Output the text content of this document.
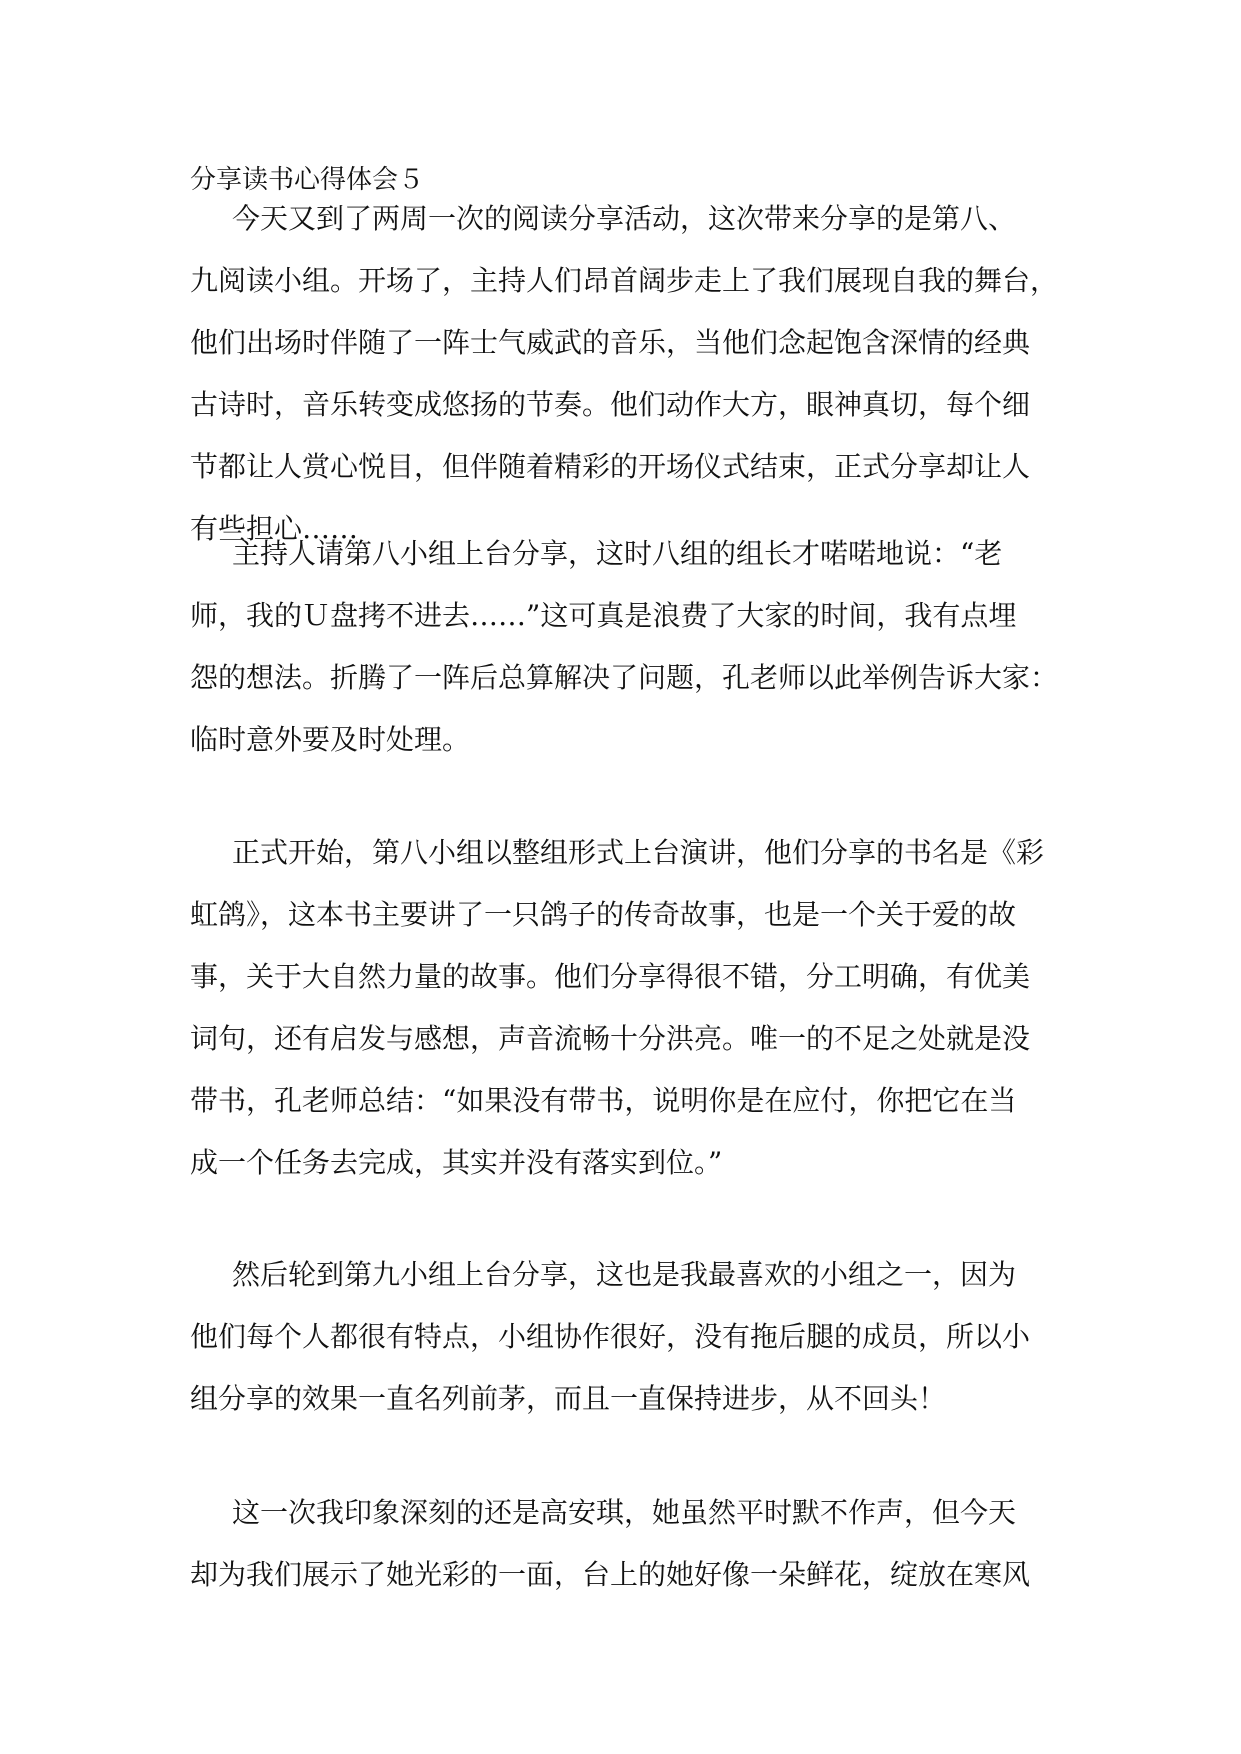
分享读书心得体会５
今天又到了两周一次的阅读分享活动，这次带来分享的是第八、
九阅读小组。开场了，主持人们昂首阔步走上了我们展现自我的舞台，
他们出场时伴随了一阵士气威武的音乐，当他们念起饱含深情的经典
古诗时，音乐转变成悠扬的节奏。他们动作大方，眼神真切，每个细
节都让人赏心悦目，但伴随着精彩的开场仪式结束，正式分享却让人
有些担心……
主持人请第八小组上台分享，这时八组的组长才喏喏地说：“老
师，我的Ｕ盘拷不进去……”这可真是浪费了大家的时间，我有点埋
怨的想法。折腾了一阵后总算解决了问题，孔老师以此举例告诉大家：
临时意外要及时处理。
正式开始，第八小组以整组形式上台演讲，他们分享的书名是《彩
虹鸽》，这本书主要讲了一只鸽子的传奇故事，也是一个关于爱的故
事，关于大自然力量的故事。他们分享得很不错，分工明确，有优美
词句，还有启发与感想，声音流畅十分洪亮。唯一的不足之处就是没
带书，孔老师总结：“如果没有带书，说明你是在应付，你把它在当
成一个任务去完成，其实并没有落实到位。”
然后轮到第九小组上台分享，这也是我最喜欢的小组之一，因为
他们每个人都很有特点，小组协作很好，没有拖后腿的成员，所以小
组分享的效果一直名列前茅，而且一直保持进步，从不回头！
这一次我印象深刻的还是高安琪，她虽然平时默不作声，但今天
却为我们展示了她光彩的一面，台上的她好像一朵鲜花，绽放在寒风
